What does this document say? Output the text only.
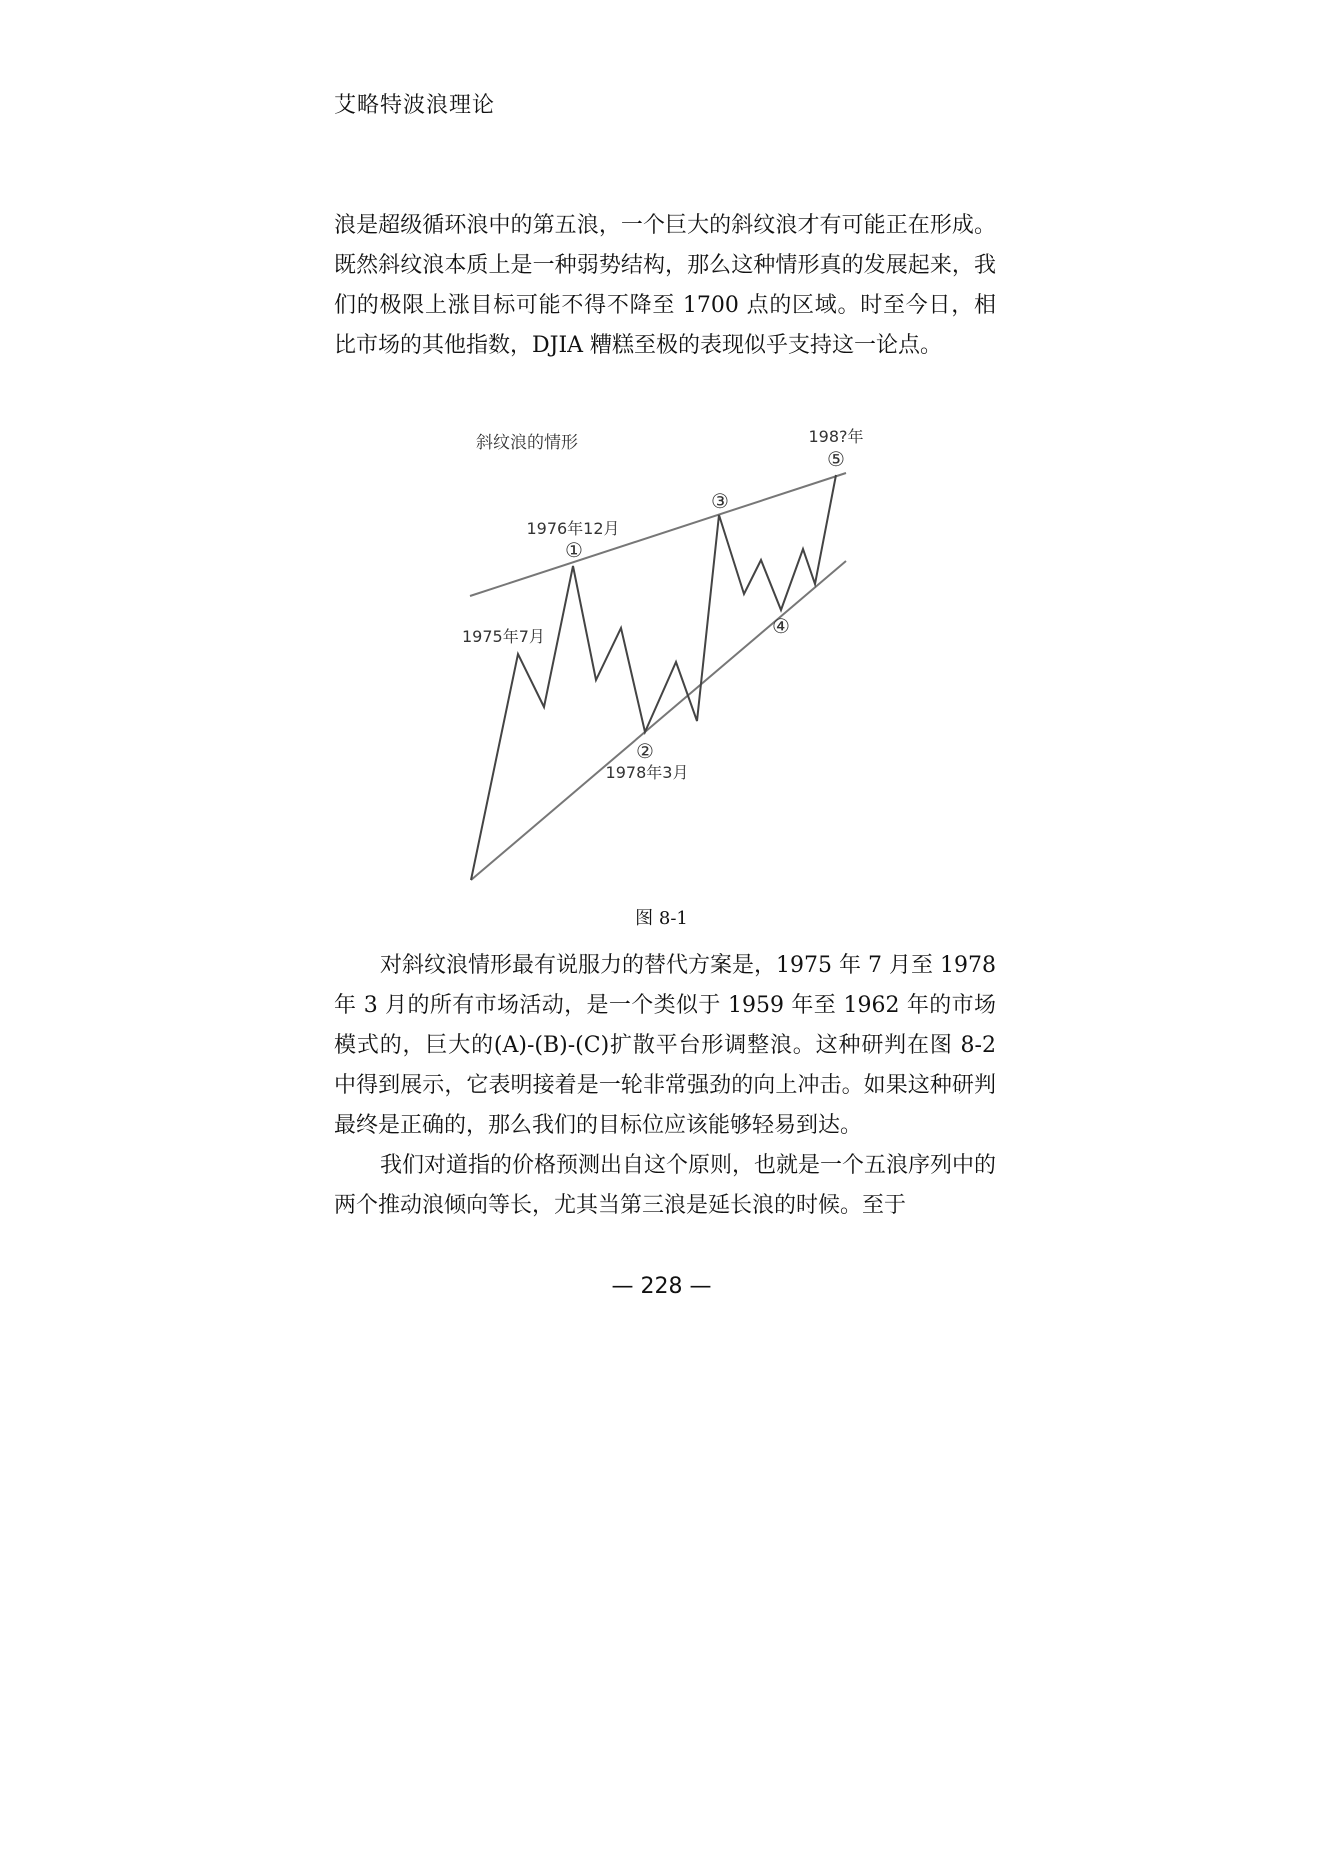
艾略特波浪理论

浪是超级循环浪中的第五浪，一个巨大的斜纹浪才有可能正在形成。既然斜纹浪本质上是一种弱势结构，那么这种情形真的发展起来，我们的极限上涨目标可能不得不降至 1700 点的区域。时至今日，相比市场的其他指数，DJIA 糟糕至极的表现似乎支持这一论点。

斜纹浪的情形
①
②
③
④
⑤
1976年12月
1975年7月
1978年3月
198?年
图 8-1

对斜纹浪情形最有说服力的替代方案是，1975 年 7 月至 1978 年 3 月的所有市场活动，是一个类似于 1959 年至 1962 年的市场模式的，巨大的(A)-(B)-(C)扩散平台形调整浪。这种研判在图 8-2 中得到展示，它表明接着是一轮非常强劲的向上冲击。如果这种研判最终是正确的，那么我们的目标位应该能够轻易到达。

我们对道指的价格预测出自这个原则，也就是一个五浪序列中的两个推动浪倾向等长，尤其当第三浪是延长浪的时候。至于

— 228 —
